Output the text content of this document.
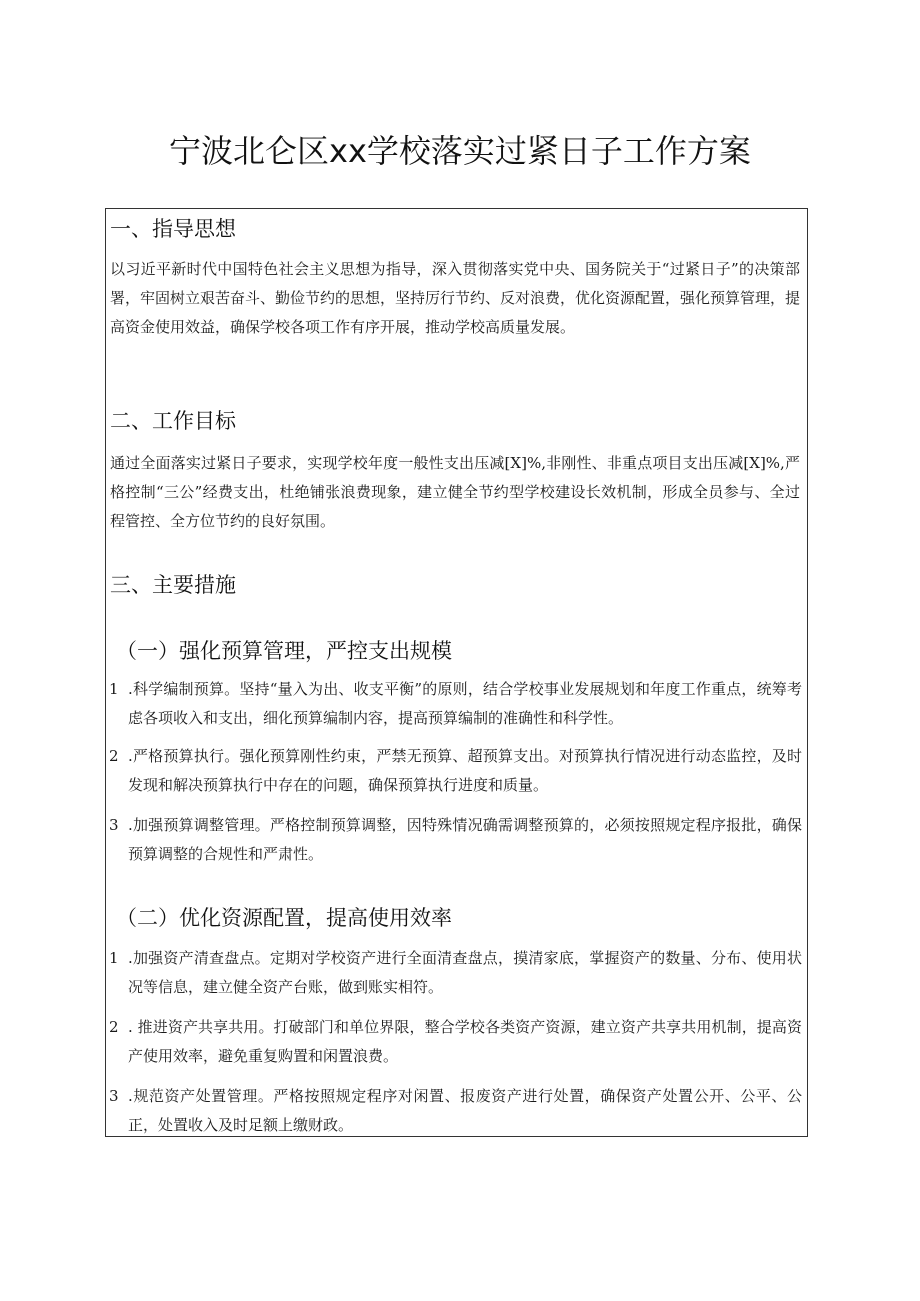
宁波北仑区xx学校落实过紧日子工作方案
一、指导思想
以习近平新时代中国特色社会主义思想为指导，深入贯彻落实党中央、国务院关于“过紧日子”的决策部署，牢固树立艰苦奋斗、勤俭节约的思想，坚持厉行节约、反对浪费，优化资源配置，强化预算管理，提高资金使用效益，确保学校各项工作有序开展，推动学校高质量发展。
二、工作目标
通过全面落实过紧日子要求，实现学校年度一般性支出压减[X]%,非刚性、非重点项目支出压减[X]%,严格控制“三公”经费支出，杜绝铺张浪费现象，建立健全节约型学校建设长效机制，形成全员参与、全过程管控、全方位节约的良好氛围。
三、主要措施
（一）强化预算管理，严控支出规模
1 .科学编制预算。坚持“量入为出、收支平衡”的原则，结合学校事业发展规划和年度工作重点，统筹考虑各项收入和支出，细化预算编制内容，提高预算编制的准确性和科学性。
2 .严格预算执行。强化预算刚性约束，严禁无预算、超预算支出。对预算执行情况进行动态监控，及时发现和解决预算执行中存在的问题，确保预算执行进度和质量。
3 .加强预算调整管理。严格控制预算调整，因特殊情况确需调整预算的，必须按照规定程序报批，确保预算调整的合规性和严肃性。
（二）优化资源配置，提高使用效率
1 .加强资产清查盘点。定期对学校资产进行全面清查盘点，摸清家底，掌握资产的数量、分布、使用状况等信息，建立健全资产台账，做到账实相符。
2 . 推进资产共享共用。打破部门和单位界限，整合学校各类资产资源，建立资产共享共用机制，提高资产使用效率，避免重复购置和闲置浪费。
3 .规范资产处置管理。严格按照规定程序对闲置、报废资产进行处置，确保资产处置公开、公平、公正，处置收入及时足额上缴财政。
